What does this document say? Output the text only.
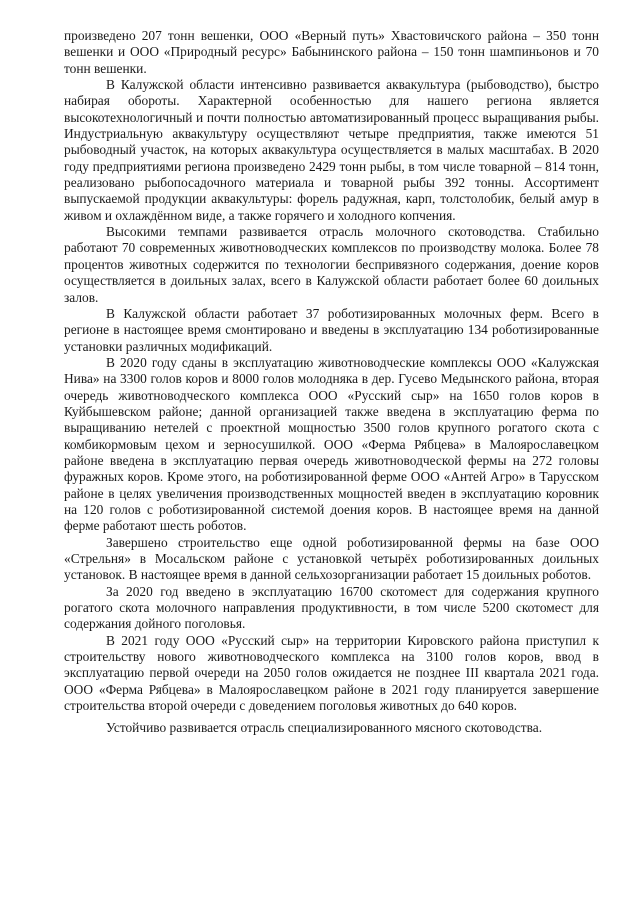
произведено 207 тонн вешенки, ООО «Верный путь» Хвастовичского района – 350 тонн вешенки и ООО «Природный ресурс» Бабынинского района – 150 тонн шампиньонов и 70 тонн вешенки.

В Калужской области интенсивно развивается аквакультура (рыбоводство), быстро набирая обороты. Характерной особенностью для нашего региона является высокотехнологичный и почти полностью автоматизированный процесс выращивания рыбы. Индустриальную аквакультуру осуществляют четыре предприятия, также имеются 51 рыбоводный участок, на которых аквакультура осуществляется в малых масштабах. В 2020 году предприятиями региона произведено 2429 тонн рыбы, в том числе товарной – 814 тонн, реализовано рыбопосадочного материала и товарной рыбы 392 тонны. Ассортимент выпускаемой продукции аквакультуры: форель радужная, карп, толстолобик, белый амур в живом и охлаждённом виде, а также горячего и холодного копчения.

Высокими темпами развивается отрасль молочного скотоводства. Стабильно работают 70 современных животноводческих комплексов по производству молока. Более 78 процентов животных содержится по технологии беспривязного содержания, доение коров осуществляется в доильных залах, всего в Калужской области работает более 60 доильных залов.

В Калужской области работает 37 роботизированных молочных ферм. Всего в регионе в настоящее время смонтировано и введены в эксплуатацию 134 роботизированные установки различных модификаций.

В 2020 году сданы в эксплуатацию животноводческие комплексы ООО «Калужская Нива» на 3300 голов коров и 8000 голов молодняка в дер. Гусево Медынского района, вторая очередь животноводческого комплекса ООО «Русский сыр» на 1650 голов коров в Куйбышевском районе; данной организацией также введена в эксплуатацию ферма по выращиванию нетелей с проектной мощностью 3500 голов крупного рогатого скота с комбикормовым цехом и зерносушилкой. ООО «Ферма Рябцева» в Малоярославецком районе введена в эксплуатацию первая очередь животноводческой фермы на 272 головы фуражных коров. Кроме этого, на роботизированной ферме ООО «Антей Агро» в Тарусском районе в целях увеличения производственных мощностей введен в эксплуатацию коровник на 120 голов с роботизированной системой доения коров. В настоящее время на данной ферме работают шесть роботов.

Завершено строительство еще одной роботизированной фермы на базе ООО «Стрельня» в Мосальском районе с установкой четырёх роботизированных доильных установок. В настоящее время в данной сельхозорганизации работает 15 доильных роботов.

За 2020 год введено в эксплуатацию 16700 скотомест для содержания крупного рогатого скота молочного направления продуктивности, в том числе 5200 скотомест для содержания дойного поголовья.

В 2021 году ООО «Русский сыр» на территории Кировского района приступил к строительству нового животноводческого комплекса на 3100 голов коров, ввод в эксплуатацию первой очереди на 2050 голов ожидается не позднее III квартала 2021 года. ООО «Ферма Рябцева» в Малоярославецком районе в 2021 году планируется завершение строительства второй очереди с доведением поголовья животных до 640 коров.

Устойчиво развивается отрасль специализированного мясного скотоводства.
